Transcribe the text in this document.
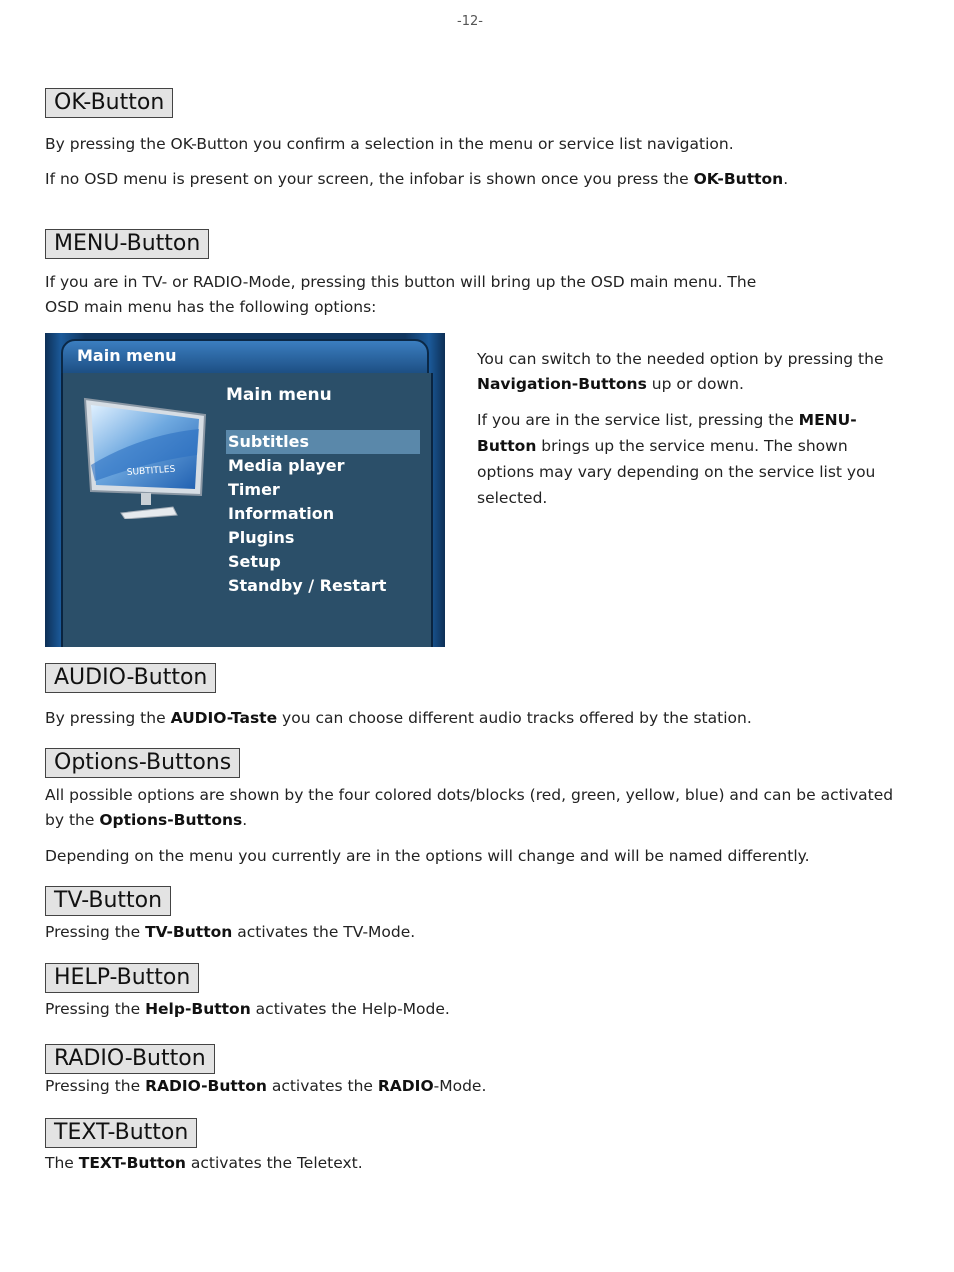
-12-
OK-Button
By pressing the OK-Button you confirm a selection in the menu or service list navigation.
If no OSD menu is present on your screen, the infobar is shown once you press the OK-Button.
MENU-Button
If you are in TV- or RADIO-Mode, pressing this button will bring up the OSD main menu. The
OSD main menu has the following options:
Main menu
SUBTITLES
Main menu
Subtitles
Media player
Timer
Information
Plugins
Setup
Standby / Restart
You can switch to the needed option by pressing the
Navigation-Buttons up or down.
If you are in the service list, pressing the MENU-
Button brings up the service menu. The shown
options may vary depending on the service list you
selected.
AUDIO-Button
By pressing the AUDIO-Taste you can choose different audio tracks offered by the station.
Options-Buttons
All possible options are shown by the four colored dots/blocks (red, green, yellow, blue) and can be activated
by the Options-Buttons.
Depending on the menu you currently are in the options will change and will be named differently.
TV-Button
Pressing the TV-Button activates the TV-Mode.
HELP-Button
Pressing the Help-Button activates the Help-Mode.
RADIO-Button
Pressing the RADIO-Button activates the RADIO-Mode.
TEXT-Button
The TEXT-Button activates the Teletext.
